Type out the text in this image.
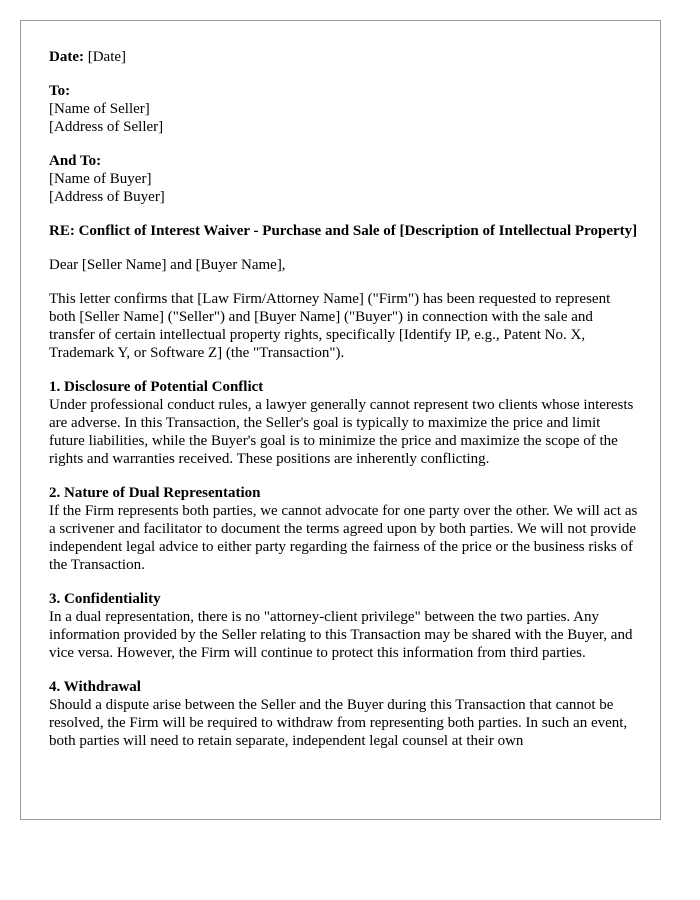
Date: [Date]
To:
[Name of Seller]
[Address of Seller]
And To:
[Name of Buyer]
[Address of Buyer]

RE: Conflict of Interest Waiver - Purchase and Sale of [Description of Intellectual Property]

Dear [Seller Name] and [Buyer Name],

This letter confirms that [Law Firm/Attorney Name] ("Firm") has been requested to represent both [Seller Name] ("Seller") and [Buyer Name] ("Buyer") in connection with the sale and transfer of certain intellectual property rights, specifically [Identify IP, e.g., Patent No. X, Trademark Y, or Software Z] (the "Transaction").

1. Disclosure of Potential Conflict
Under professional conduct rules, a lawyer generally cannot represent two clients whose interests are adverse. In this Transaction, the Seller's goal is typically to maximize the price and limit future liabilities, while the Buyer's goal is to minimize the price and maximize the scope of the rights and warranties received. These positions are inherently conflicting.
2. Nature of Dual Representation
If the Firm represents both parties, we cannot advocate for one party over the other. We will act as a scrivener and facilitator to document the terms agreed upon by both parties. We will not provide independent legal advice to either party regarding the fairness of the price or the business risks of the Transaction.
3. Confidentiality
In a dual representation, there is no "attorney-client privilege" between the two parties. Any information provided by the Seller relating to this Transaction may be shared with the Buyer, and vice versa. However, the Firm will continue to protect this information from third parties.
4. Withdrawal
Should a dispute arise between the Seller and the Buyer during this Transaction that cannot be resolved, the Firm will be required to withdraw from representing both parties. In such an event, both parties will need to retain separate, independent legal counsel at their own
